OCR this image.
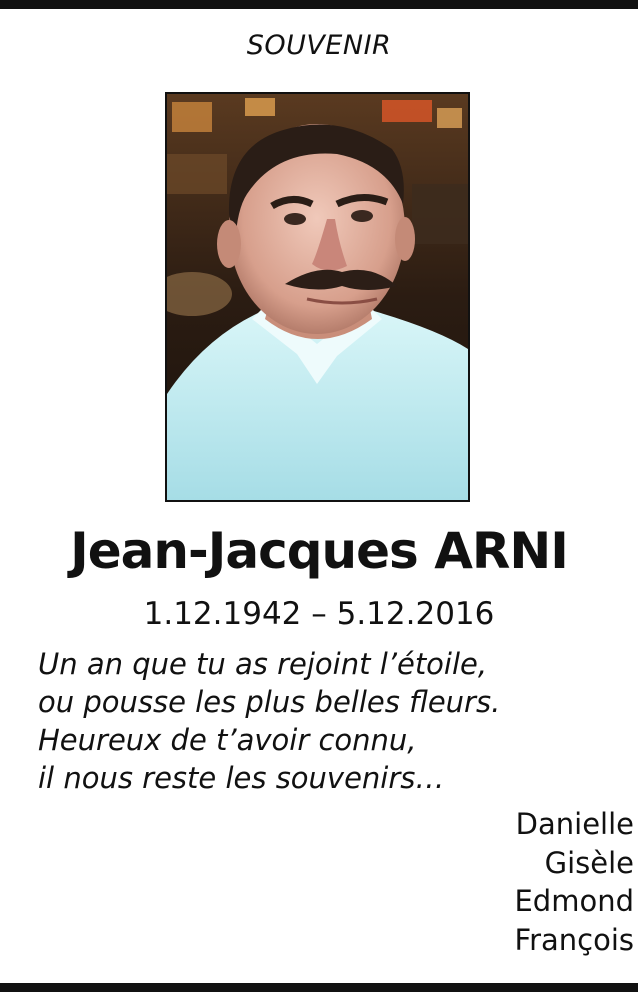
SOUVENIR
Jean-Jacques ARNI
1.12.1942 – 5.12.2016
Un an que tu as rejoint l’étoile,
ou pousse les plus belles fleurs.
Heureux de t’avoir connu,
il nous reste les souvenirs…
Danielle
Gisèle
Edmond
François
